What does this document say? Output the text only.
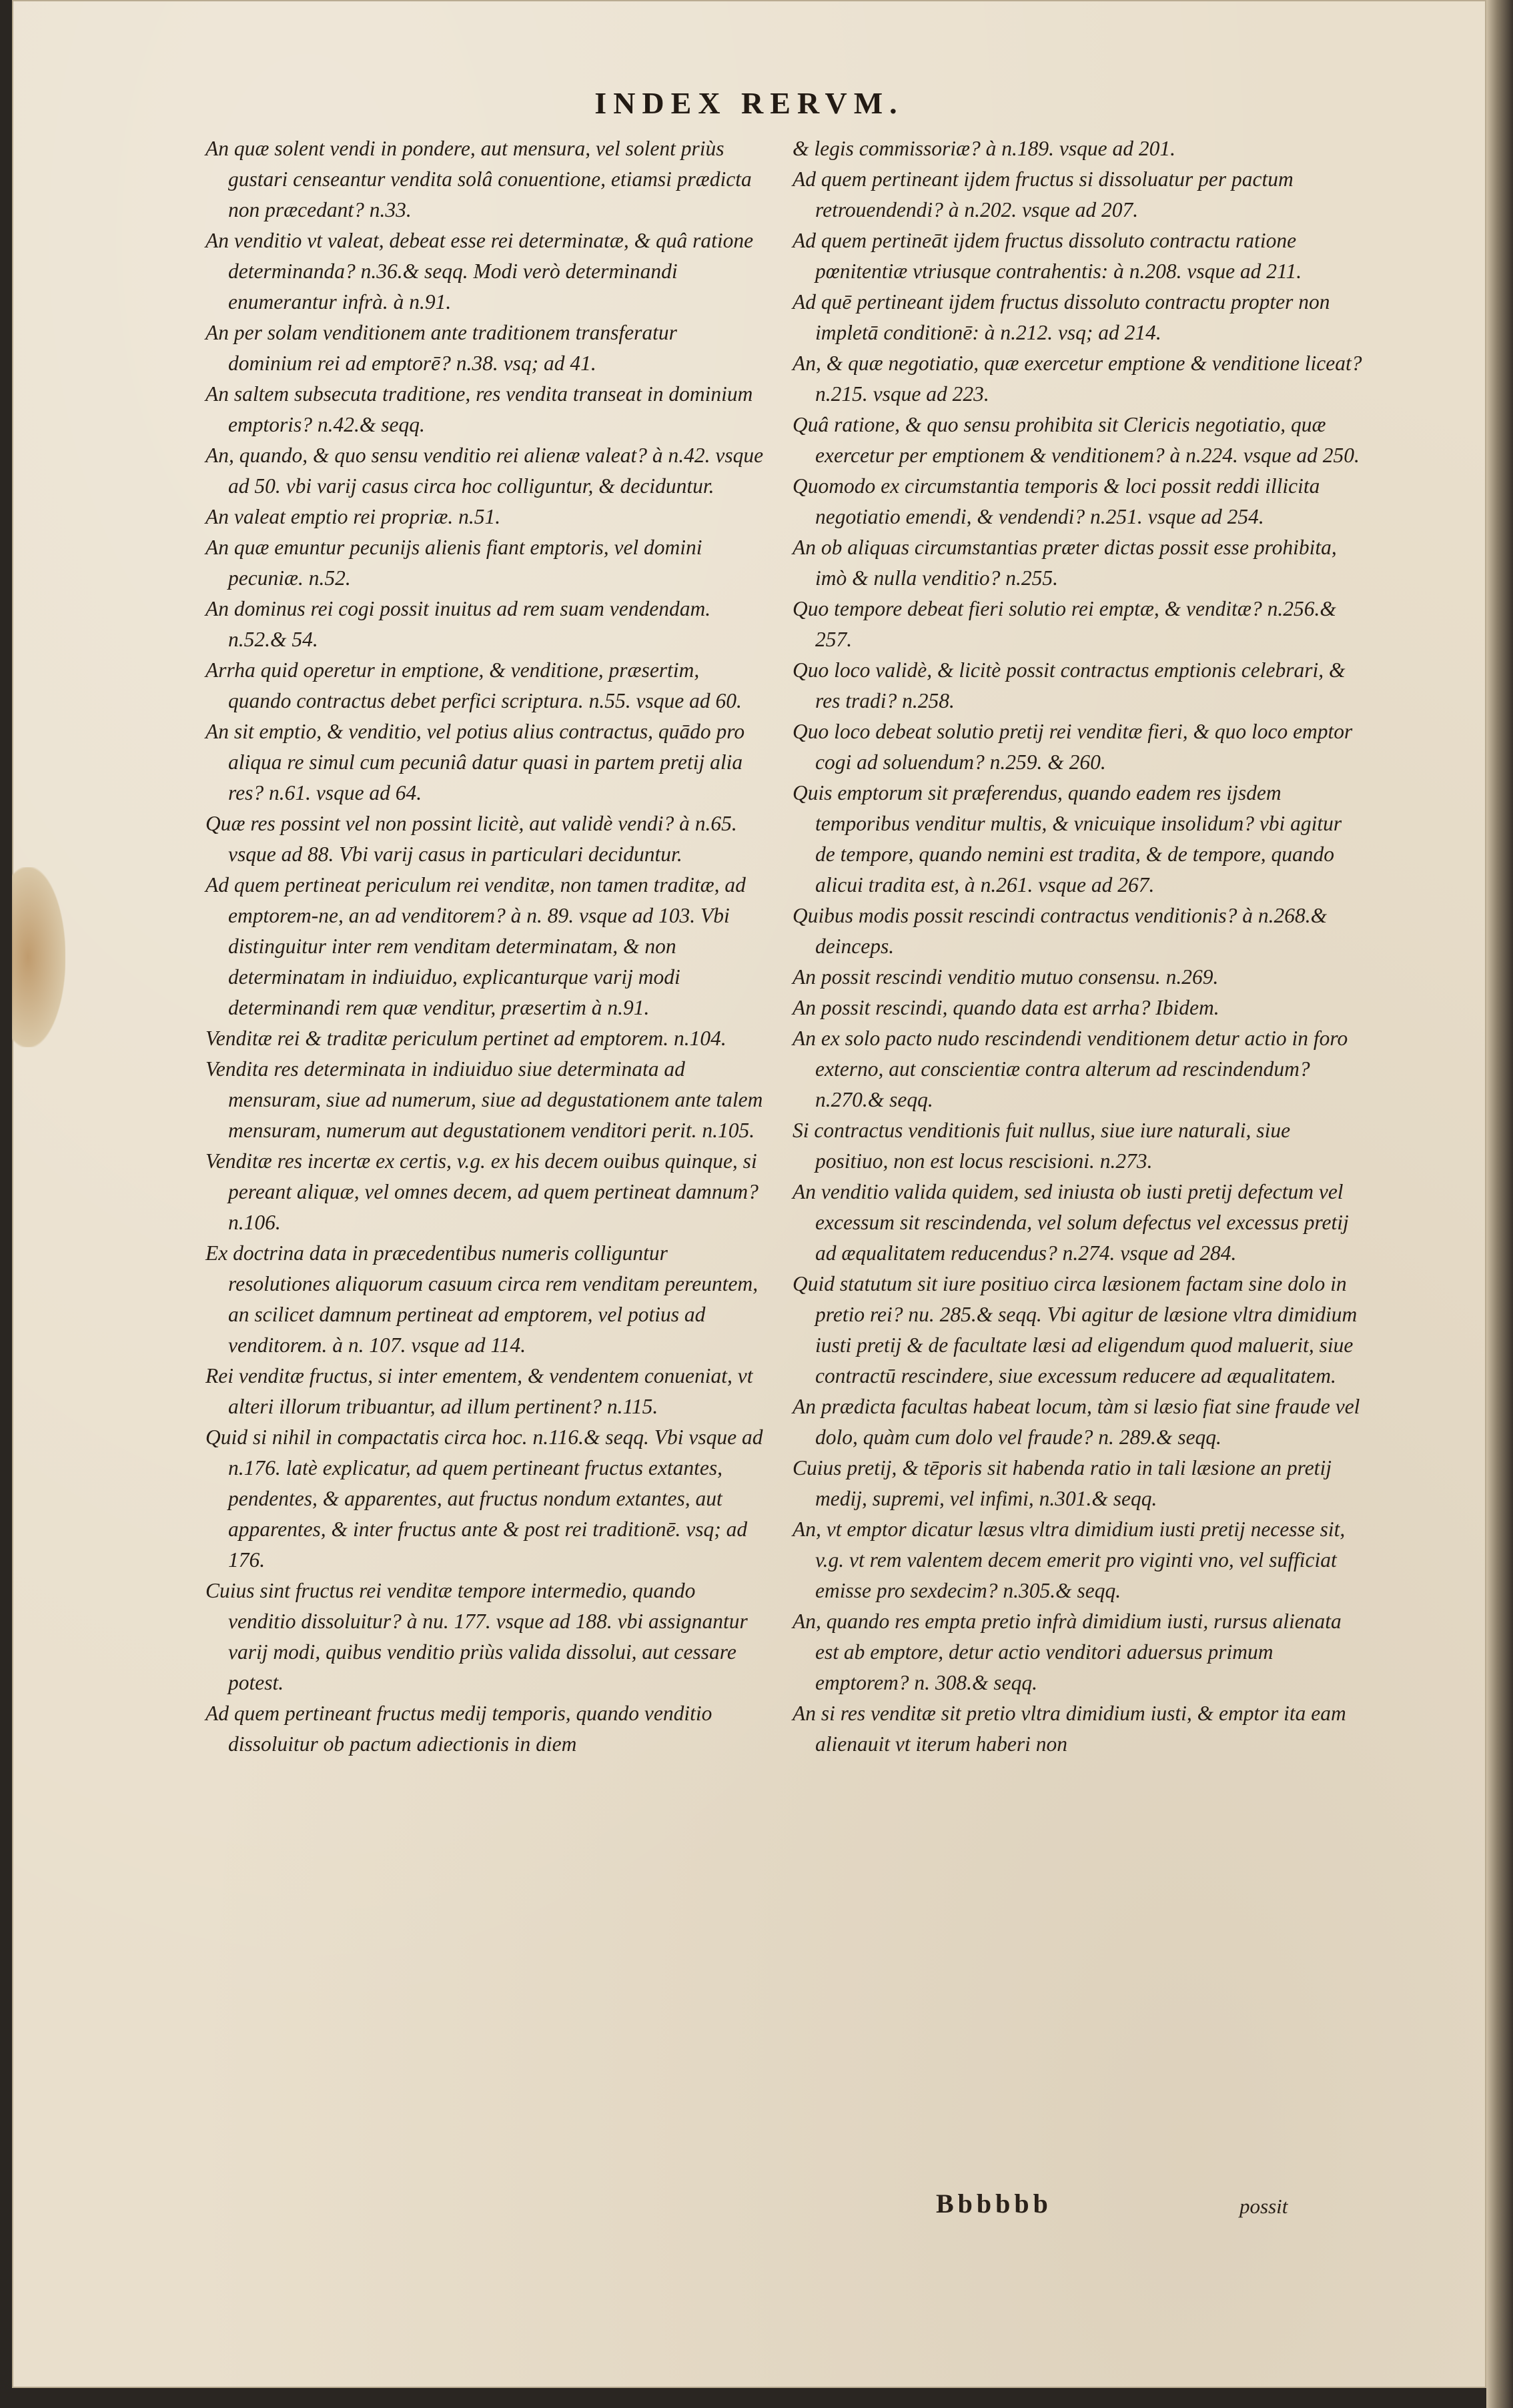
INDEX RERVM.

An quæ solent vendi in pondere, aut mensura, vel solent priùs gustari censeantur vendita solâ conuentione, etiamsi prædicta non præcedant? n.33.

An venditio vt valeat, debeat esse rei determinatæ, & quâ ratione determinanda? n.36.& seqq. Modi verò determinandi enumerantur infrà. à n.91.

An per solam venditionem ante traditionem transferatur dominium rei ad emptorē? n.38. vsq; ad 41.

An saltem subsecuta traditione, res vendita transeat in dominium emptoris? n.42.& seqq.

An, quando, & quo sensu venditio rei alienæ valeat? à n.42. vsque ad 50. vbi varij casus circa hoc colliguntur, & deciduntur.

An valeat emptio rei propriæ. n.51.

An quæ emuntur pecunijs alienis fiant emptoris, vel domini pecuniæ. n.52.

An dominus rei cogi possit inuitus ad rem suam vendendam. n.52.& 54.

Arrha quid operetur in emptione, & venditione, præsertim, quando contractus debet perfici scriptura. n.55. vsque ad 60.

An sit emptio, & venditio, vel potius alius contractus, quādo pro aliqua re simul cum pecuniâ datur quasi in partem pretij alia res? n.61. vsque ad 64.

Quæ res possint vel non possint licitè, aut validè vendi? à n.65. vsque ad 88. Vbi varij casus in particulari deciduntur.

Ad quem pertineat periculum rei venditæ, non tamen traditæ, ad emptorem-ne, an ad venditorem? à n. 89. vsque ad 103. Vbi distinguitur inter rem venditam determinatam, & non determinatam in indiuiduo, explicanturque varij modi determinandi rem quæ venditur, præsertim à n.91.

Venditæ rei & traditæ periculum pertinet ad emptorem. n.104.

Vendita res determinata in indiuiduo siue determinata ad mensuram, siue ad numerum, siue ad degustationem ante talem mensuram, numerum aut degustationem venditori perit. n.105.

Venditæ res incertæ ex certis, v.g. ex his decem ouibus quinque, si pereant aliquæ, vel omnes decem, ad quem pertineat damnum? n.106.

Ex doctrina data in præcedentibus numeris colliguntur resolutiones aliquorum casuum circa rem venditam pereuntem, an scilicet damnum pertineat ad emptorem, vel potius ad venditorem. à n. 107. vsque ad 114.

Rei venditæ fructus, si inter ementem, & vendentem conueniat, vt alteri illorum tribuantur, ad illum pertinent? n.115.

Quid si nihil in compactatis circa hoc. n.116.& seqq. Vbi vsque ad n.176. latè explicatur, ad quem pertineant fructus extantes, pendentes, & apparentes, aut fructus nondum extantes, aut apparentes, & inter fructus ante & post rei traditionē. vsq; ad 176.

Cuius sint fructus rei venditæ tempore intermedio, quando venditio dissoluitur? à nu. 177. vsque ad 188. vbi assignantur varij modi, quibus venditio priùs valida dissolui, aut cessare potest.

Ad quem pertineant fructus medij temporis, quando venditio dissoluitur ob pactum adiectionis in diem

& legis commissoriæ? à n.189. vsque ad 201.

Ad quem pertineant ijdem fructus si dissoluatur per pactum retrouendendi? à n.202. vsque ad 207.

Ad quem pertineāt ijdem fructus dissoluto contractu ratione pœnitentiæ vtriusque contrahentis: à n.208. vsque ad 211.

Ad quē pertineant ijdem fructus dissoluto contractu propter non impletā conditionē: à n.212. vsq; ad 214.

An, & quæ negotiatio, quæ exercetur emptione & venditione liceat? n.215. vsque ad 223.

Quâ ratione, & quo sensu prohibita sit Clericis negotiatio, quæ exercetur per emptionem & venditionem? à n.224. vsque ad 250.

Quomodo ex circumstantia temporis & loci possit reddi illicita negotiatio emendi, & vendendi? n.251. vsque ad 254.

An ob aliquas circumstantias præter dictas possit esse prohibita, imò & nulla venditio? n.255.

Quo tempore debeat fieri solutio rei emptæ, & venditæ? n.256.& 257.

Quo loco validè, & licitè possit contractus emptionis celebrari, & res tradi? n.258.

Quo loco debeat solutio pretij rei venditæ fieri, & quo loco emptor cogi ad soluendum? n.259. & 260.

Quis emptorum sit præferendus, quando eadem res ijsdem temporibus venditur multis, & vnicuique insolidum? vbi agitur de tempore, quando nemini est tradita, & de tempore, quando alicui tradita est, à n.261. vsque ad 267.

Quibus modis possit rescindi contractus venditionis? à n.268.& deinceps.

An possit rescindi venditio mutuo consensu. n.269.

An possit rescindi, quando data est arrha? Ibidem.

An ex solo pacto nudo rescindendi venditionem detur actio in foro externo, aut conscientiæ contra alterum ad rescindendum? n.270.& seqq.

Si contractus venditionis fuit nullus, siue iure naturali, siue positiuo, non est locus rescisioni. n.273.

An venditio valida quidem, sed iniusta ob iusti pretij defectum vel excessum sit rescindenda, vel solum defectus vel excessus pretij ad æqualitatem reducendus? n.274. vsque ad 284.

Quid statutum sit iure positiuo circa læsionem factam sine dolo in pretio rei? nu. 285.& seqq. Vbi agitur de læsione vltra dimidium iusti pretij & de facultate læsi ad eligendum quod maluerit, siue contractū rescindere, siue excessum reducere ad æqualitatem.

An prædicta facultas habeat locum, tàm si læsio fiat sine fraude vel dolo, quàm cum dolo vel fraude? n. 289.& seqq.

Cuius pretij, & tēporis sit habenda ratio in tali læsione an pretij medij, supremi, vel infimi, n.301.& seqq.

An, vt emptor dicatur læsus vltra dimidium iusti pretij necesse sit, v.g. vt rem valentem decem emerit pro viginti vno, vel sufficiat emisse pro sexdecim? n.305.& seqq.

An, quando res empta pretio infrà dimidium iusti, rursus alienata est ab emptore, detur actio venditori aduersus primum emptorem? n. 308.& seqq.

An si res venditæ sit pretio vltra dimidium iusti, & emptor ita eam alienauit vt iterum haberi non

Bbbbbb	possit
